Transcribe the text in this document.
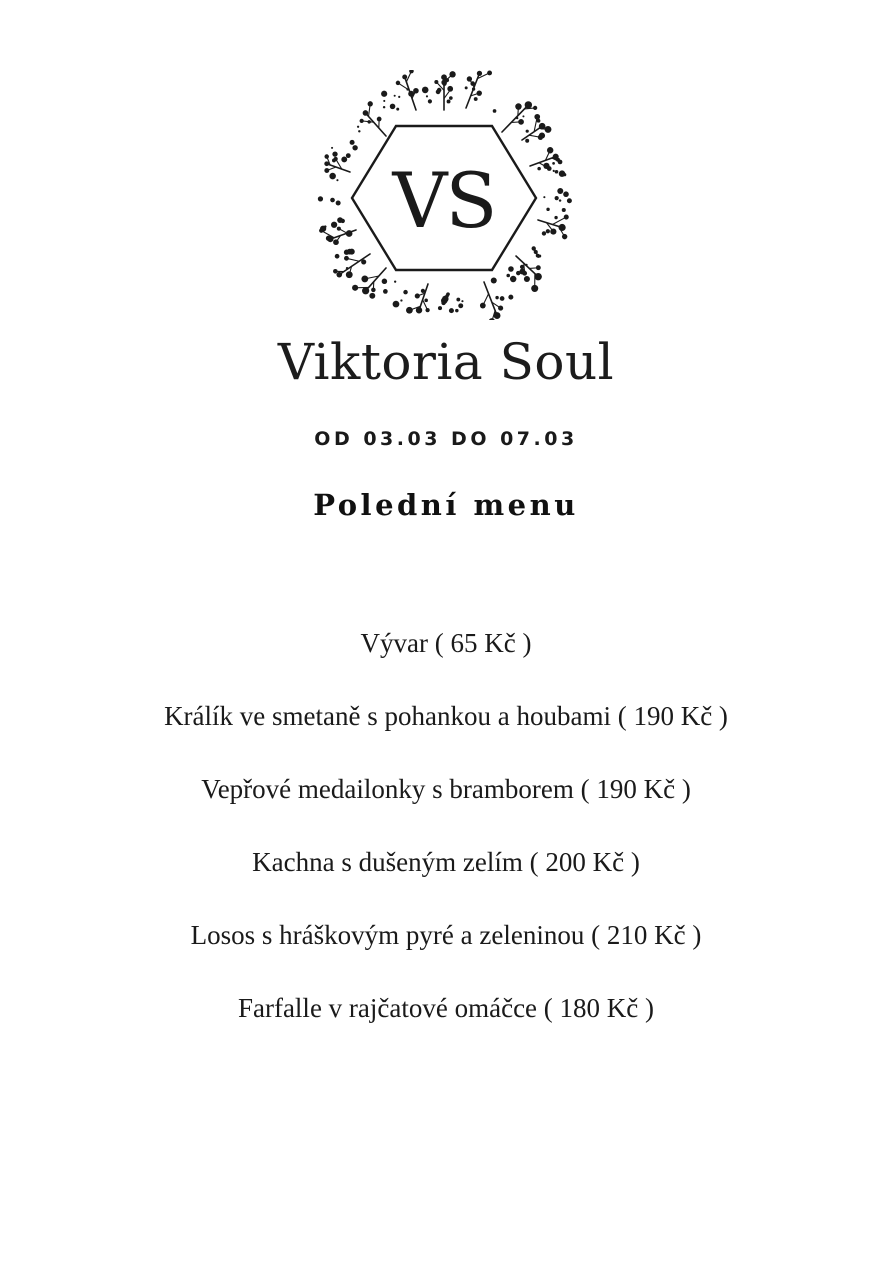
VS
Viktoria Soul
OD 03.03 DO 07.03
Polední menu
Vývar ( 65 Kč )
Králík ve smetaně s pohankou a houbami ( 190 Kč )
Vepřové medailonky s bramborem ( 190 Kč )
Kachna s dušeným zelím ( 200 Kč )
Losos s hráškovým pyré a zeleninou ( 210 Kč )
Farfalle v rajčatové omáčce ( 180 Kč )
